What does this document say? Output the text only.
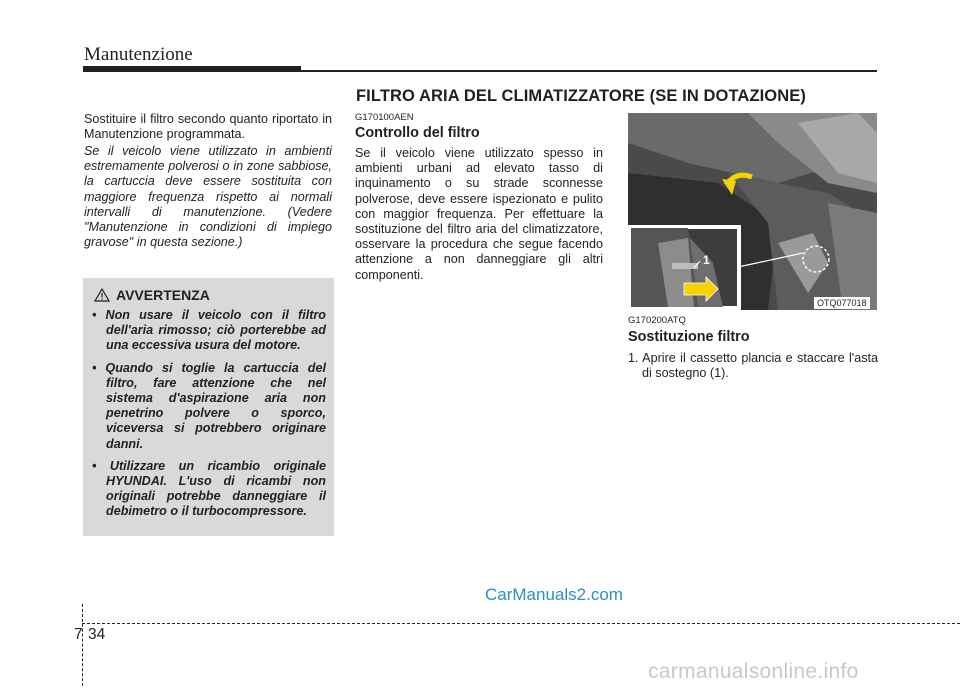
Manutenzione
FILTRO ARIA DEL CLIMATIZZATORE (SE IN DOTAZIONE)
Sostituire il filtro secondo quanto riportato in Manutenzione programmata.
Se il veicolo viene utilizzato in ambienti estremamente polverosi o in zone sabbiose, la cartuccia deve essere sostituita con maggiore frequenza rispetto ai normali intervalli di manutenzione. (Vedere "Manutenzione in condizioni di impiego gravose" in questa sezione.)
AVVERTENZA
• Non usare il veicolo con il filtro dell'aria rimosso; ciò porterebbe ad una eccessiva usura del motore.
• Quando si toglie la cartuccia del filtro, fare attenzione che nel sistema d'aspirazione aria non penetrino polvere o sporco, viceversa si potrebbero originare danni.
• Utilizzare un ricambio originale HYUNDAI. L'uso di ricambi non originali potrebbe danneggiare il debimetro o il turbocompressore.
G170100AEN
Controllo del filtro
Se il veicolo viene utilizzato spesso in ambienti urbani ad elevato tasso di inquinamento o su strade sconnesse polverose, deve essere ispezionato e pulito con maggior frequenza. Per effettuare la sostituzione del filtro aria del climatizzatore, osservare la procedura che segue facendo attenzione a non danneggiare gli altri componenti.
1
OTQ077018
G170200ATQ
Sostituzione filtro
1. Aprire il cassetto plancia e staccare l'asta di sostegno (1).
7 34
CarManuals2.com
carmanualsonline.info
